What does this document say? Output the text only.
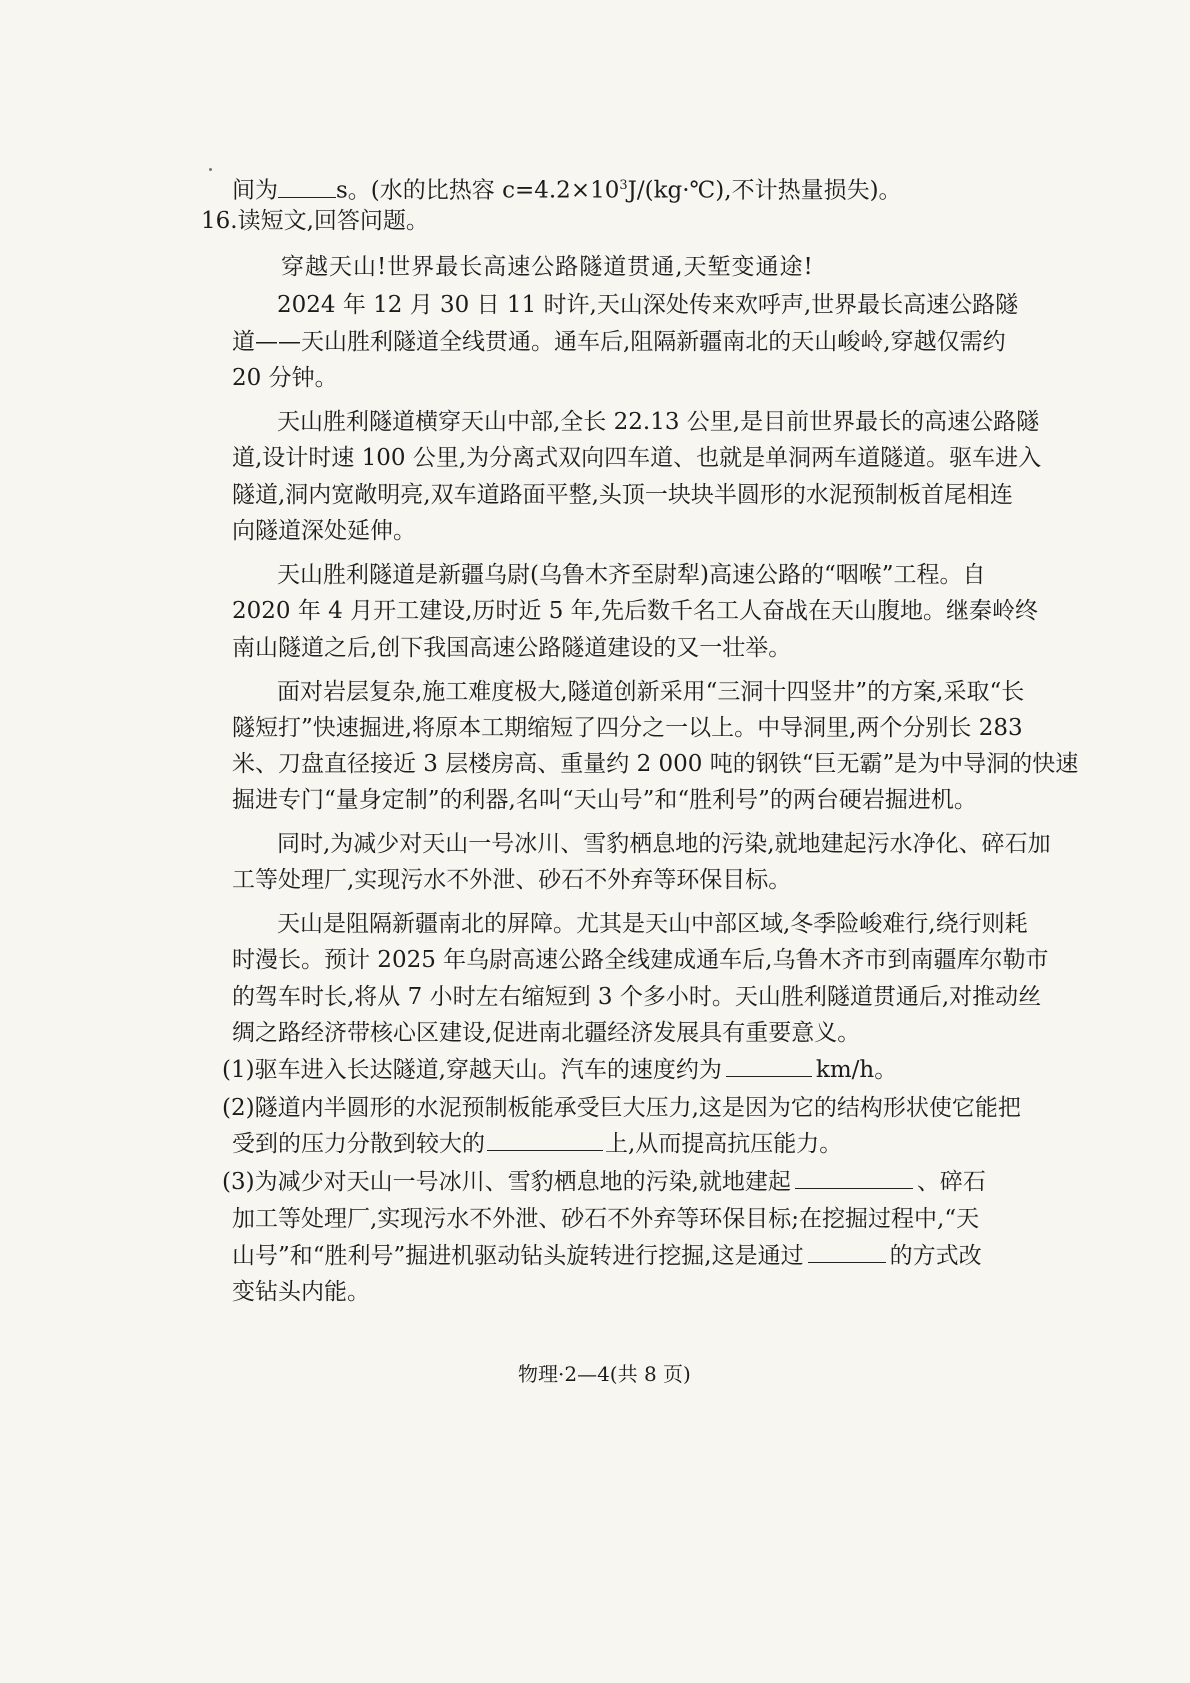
间为	s。(水的比热容 $c=4.2\times 10^3J/(kg\cdot℃)$,不计热量损失)。
16.读短文,回答问题。
穿越天山!世界最长高速公路隧道贯通,天堑变通途!
2024 年 12 月 30 日 11 时许,天山深处传来欢呼声,世界最长高速公路隧
道——天山胜利隧道全线贯通。通车后,阻隔新疆南北的天山峻岭,穿越仅需约
20 分钟。
天山胜利隧道横穿天山中部,全长 22.13 公里,是目前世界最长的高速公路隧
道,设计时速 100 公里,为分离式双向四车道、也就是单洞两车道隧道。驱车进入
隧道,洞内宽敞明亮,双车道路面平整,头顶一块块半圆形的水泥预制板首尾相连
向隧道深处延伸。
天山胜利隧道是新疆乌尉(乌鲁木齐至尉犁)高速公路的“咽喉”工程。自
2020 年 4 月开工建设,历时近 5 年,先后数千名工人奋战在天山腹地。继秦岭终
南山隧道之后,创下我国高速公路隧道建设的又一壮举。
面对岩层复杂,施工难度极大,隧道创新采用“三洞十四竖井”的方案,采取“长
隧短打”快速掘进,将原本工期缩短了四分之一以上。中导洞里,两个分别长 283
米、刀盘直径接近 3 层楼房高、重量约 2 000 吨的钢铁“巨无霸”是为中导洞的快速
掘进专门“量身定制”的利器,名叫“天山号”和“胜利号”的两台硬岩掘进机。
同时,为减少对天山一号冰川、雪豹栖息地的污染,就地建起污水净化、碎石加
工等处理厂,实现污水不外泄、砂石不外弃等环保目标。
天山是阻隔新疆南北的屏障。尤其是天山中部区域,冬季险峻难行,绕行则耗
时漫长。预计 2025 年乌尉高速公路全线建成通车后,乌鲁木齐市到南疆库尔勒市
的驾车时长,将从 7 小时左右缩短到 3 个多小时。天山胜利隧道贯通后,对推动丝
绸之路经济带核心区建设,促进南北疆经济发展具有重要意义。
(1)驱车进入长达隧道,穿越天山。汽车的速度约为	km/h。
(2)隧道内半圆形的水泥预制板能承受巨大压力,这是因为它的结构形状使它能把
受到的压力分散到较大的	上,从而提高抗压能力。
(3)为减少对天山一号冰川、雪豹栖息地的污染,就地建起	、碎石
加工等处理厂,实现污水不外泄、砂石不外弃等环保目标;在挖掘过程中,“天
山号”和“胜利号”掘进机驱动钻头旋转进行挖掘,这是通过	的方式改
变钻头内能。
物理·2—4(共 8 页)
